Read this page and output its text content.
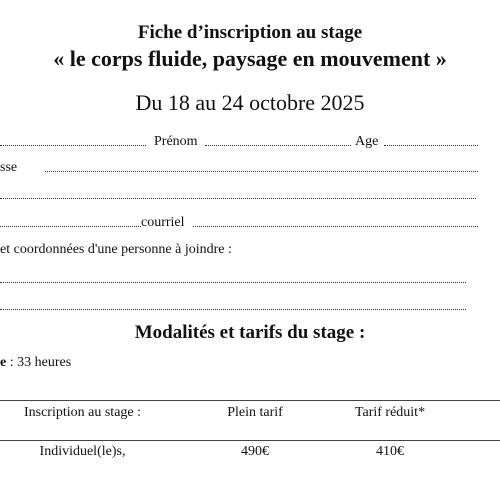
Fiche d’inscription au stage
« le corps fluide, paysage en mouvement »
Du 18 au 24 octobre 2025
Prénom	Age
sse
courriel
et coordonnées d'une personne à joindre :
Modalités et tarifs du stage :
e : 33 heures
Inscription au stage :	Plein tarif	Tarif réduit*
Individuel(le)s,	490€	410€
